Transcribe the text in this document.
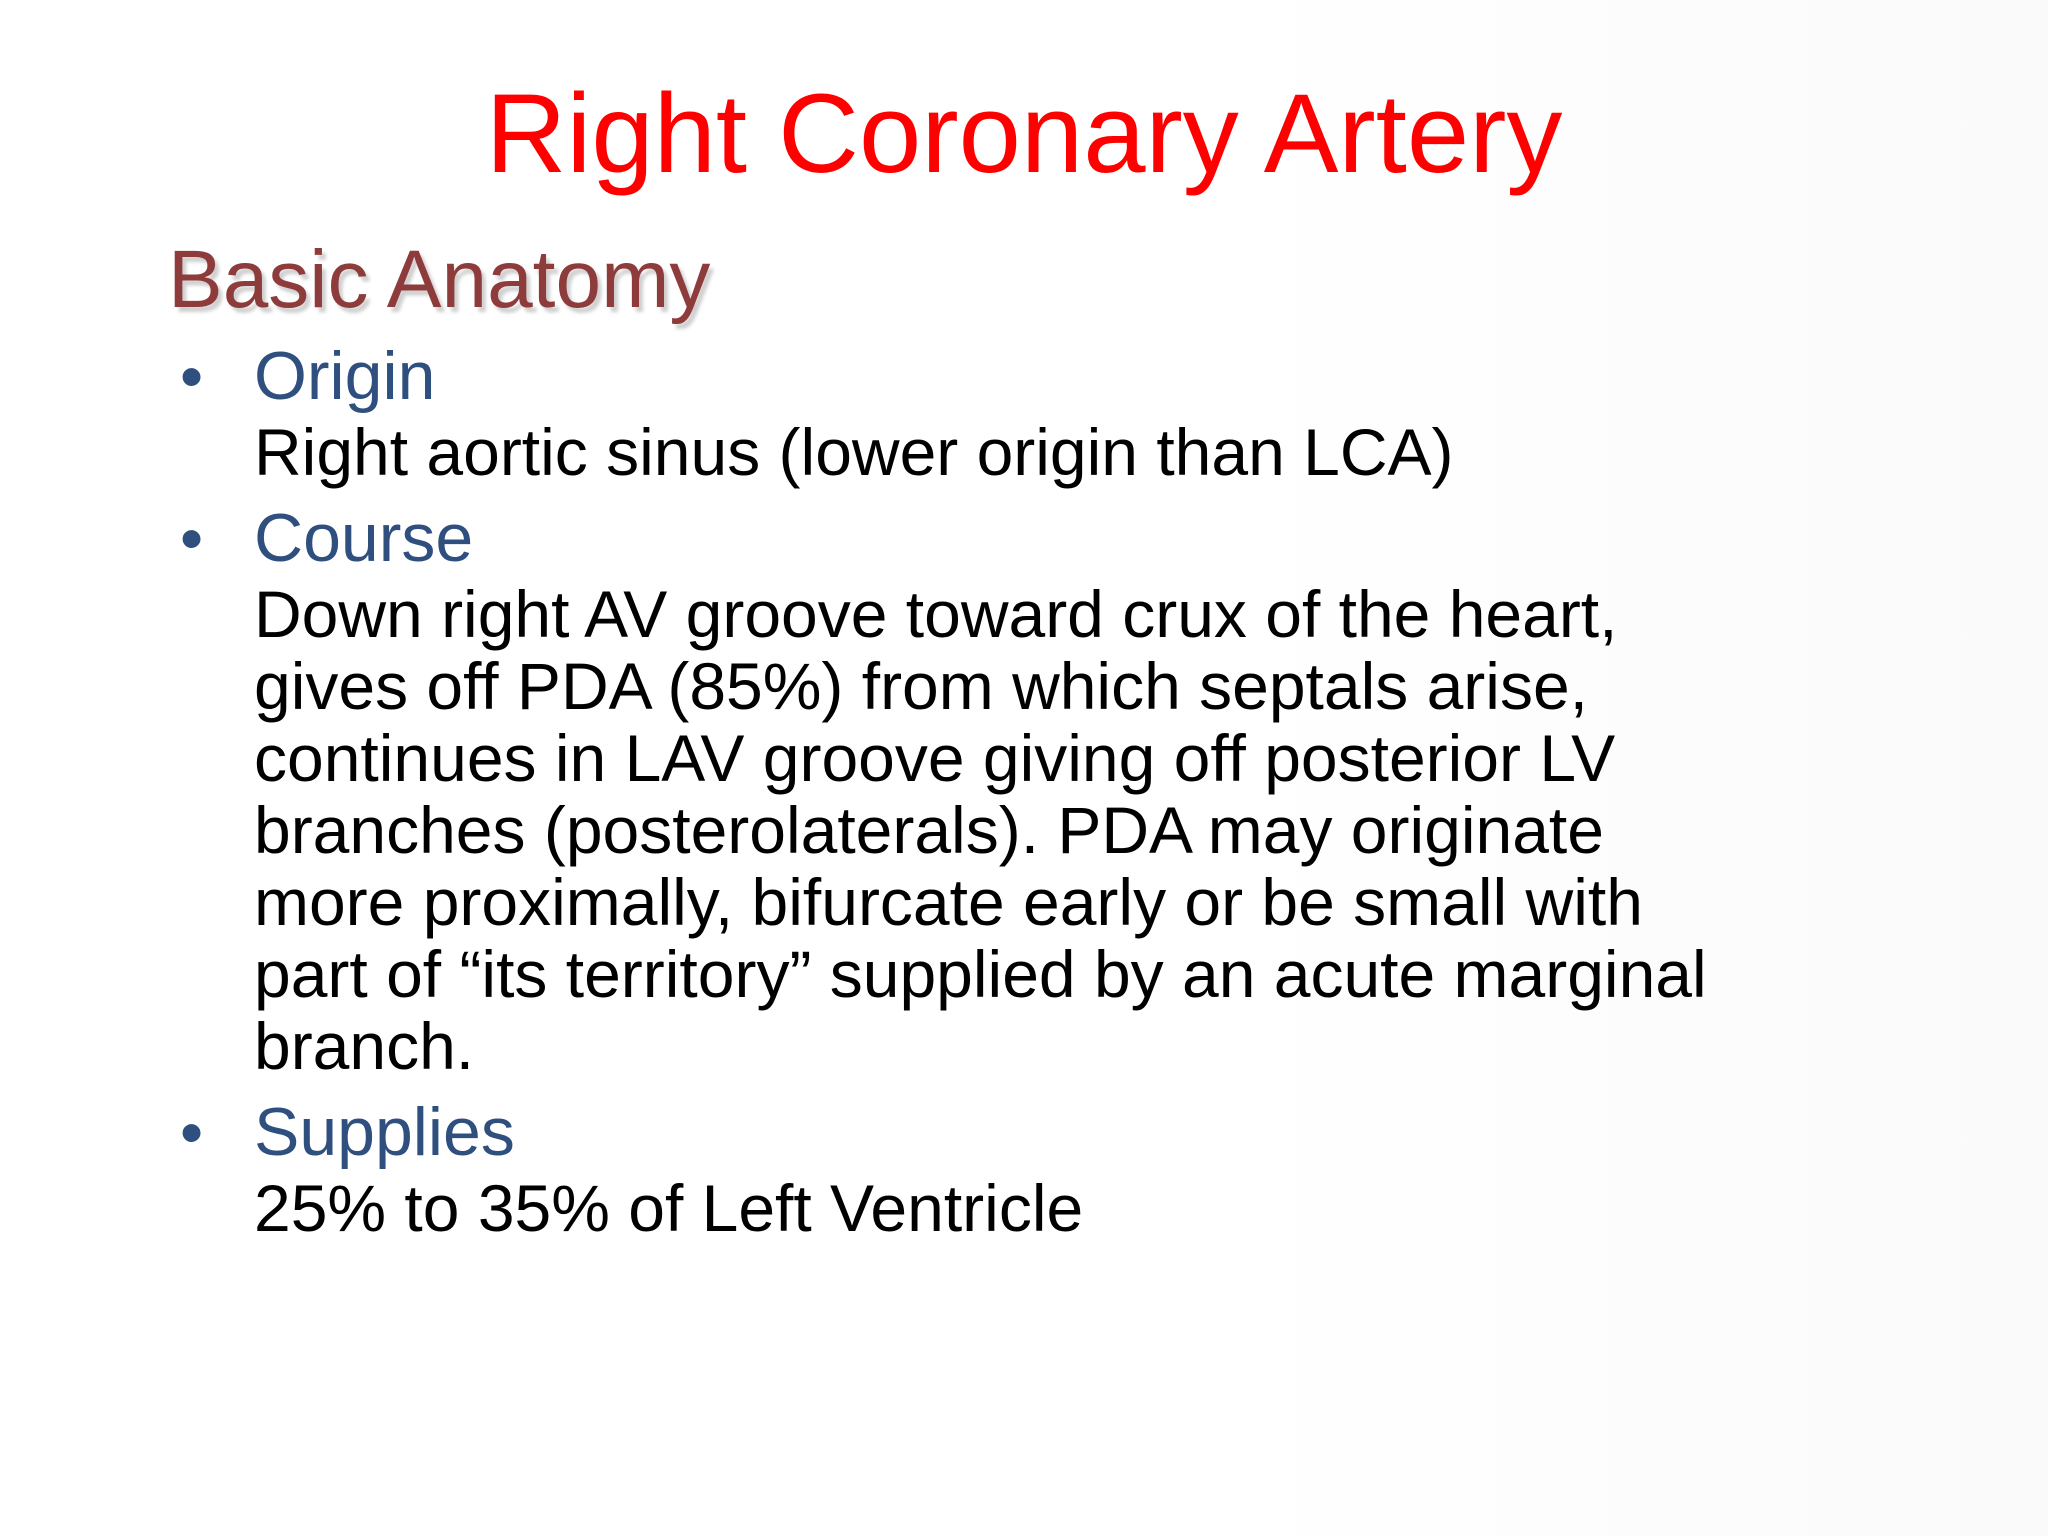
Right Coronary Artery
Basic Anatomy
• Origin
Right aortic sinus (lower origin than LCA)
• Course
Down right AV groove toward crux of the heart,
gives off PDA (85%) from which septals arise,
continues in LAV groove giving off posterior LV
branches (posterolaterals). PDA may originate
more proximally, bifurcate early or be small with
part of “its territory” supplied by an acute marginal
branch.
• Supplies
25% to 35% of Left Ventricle
